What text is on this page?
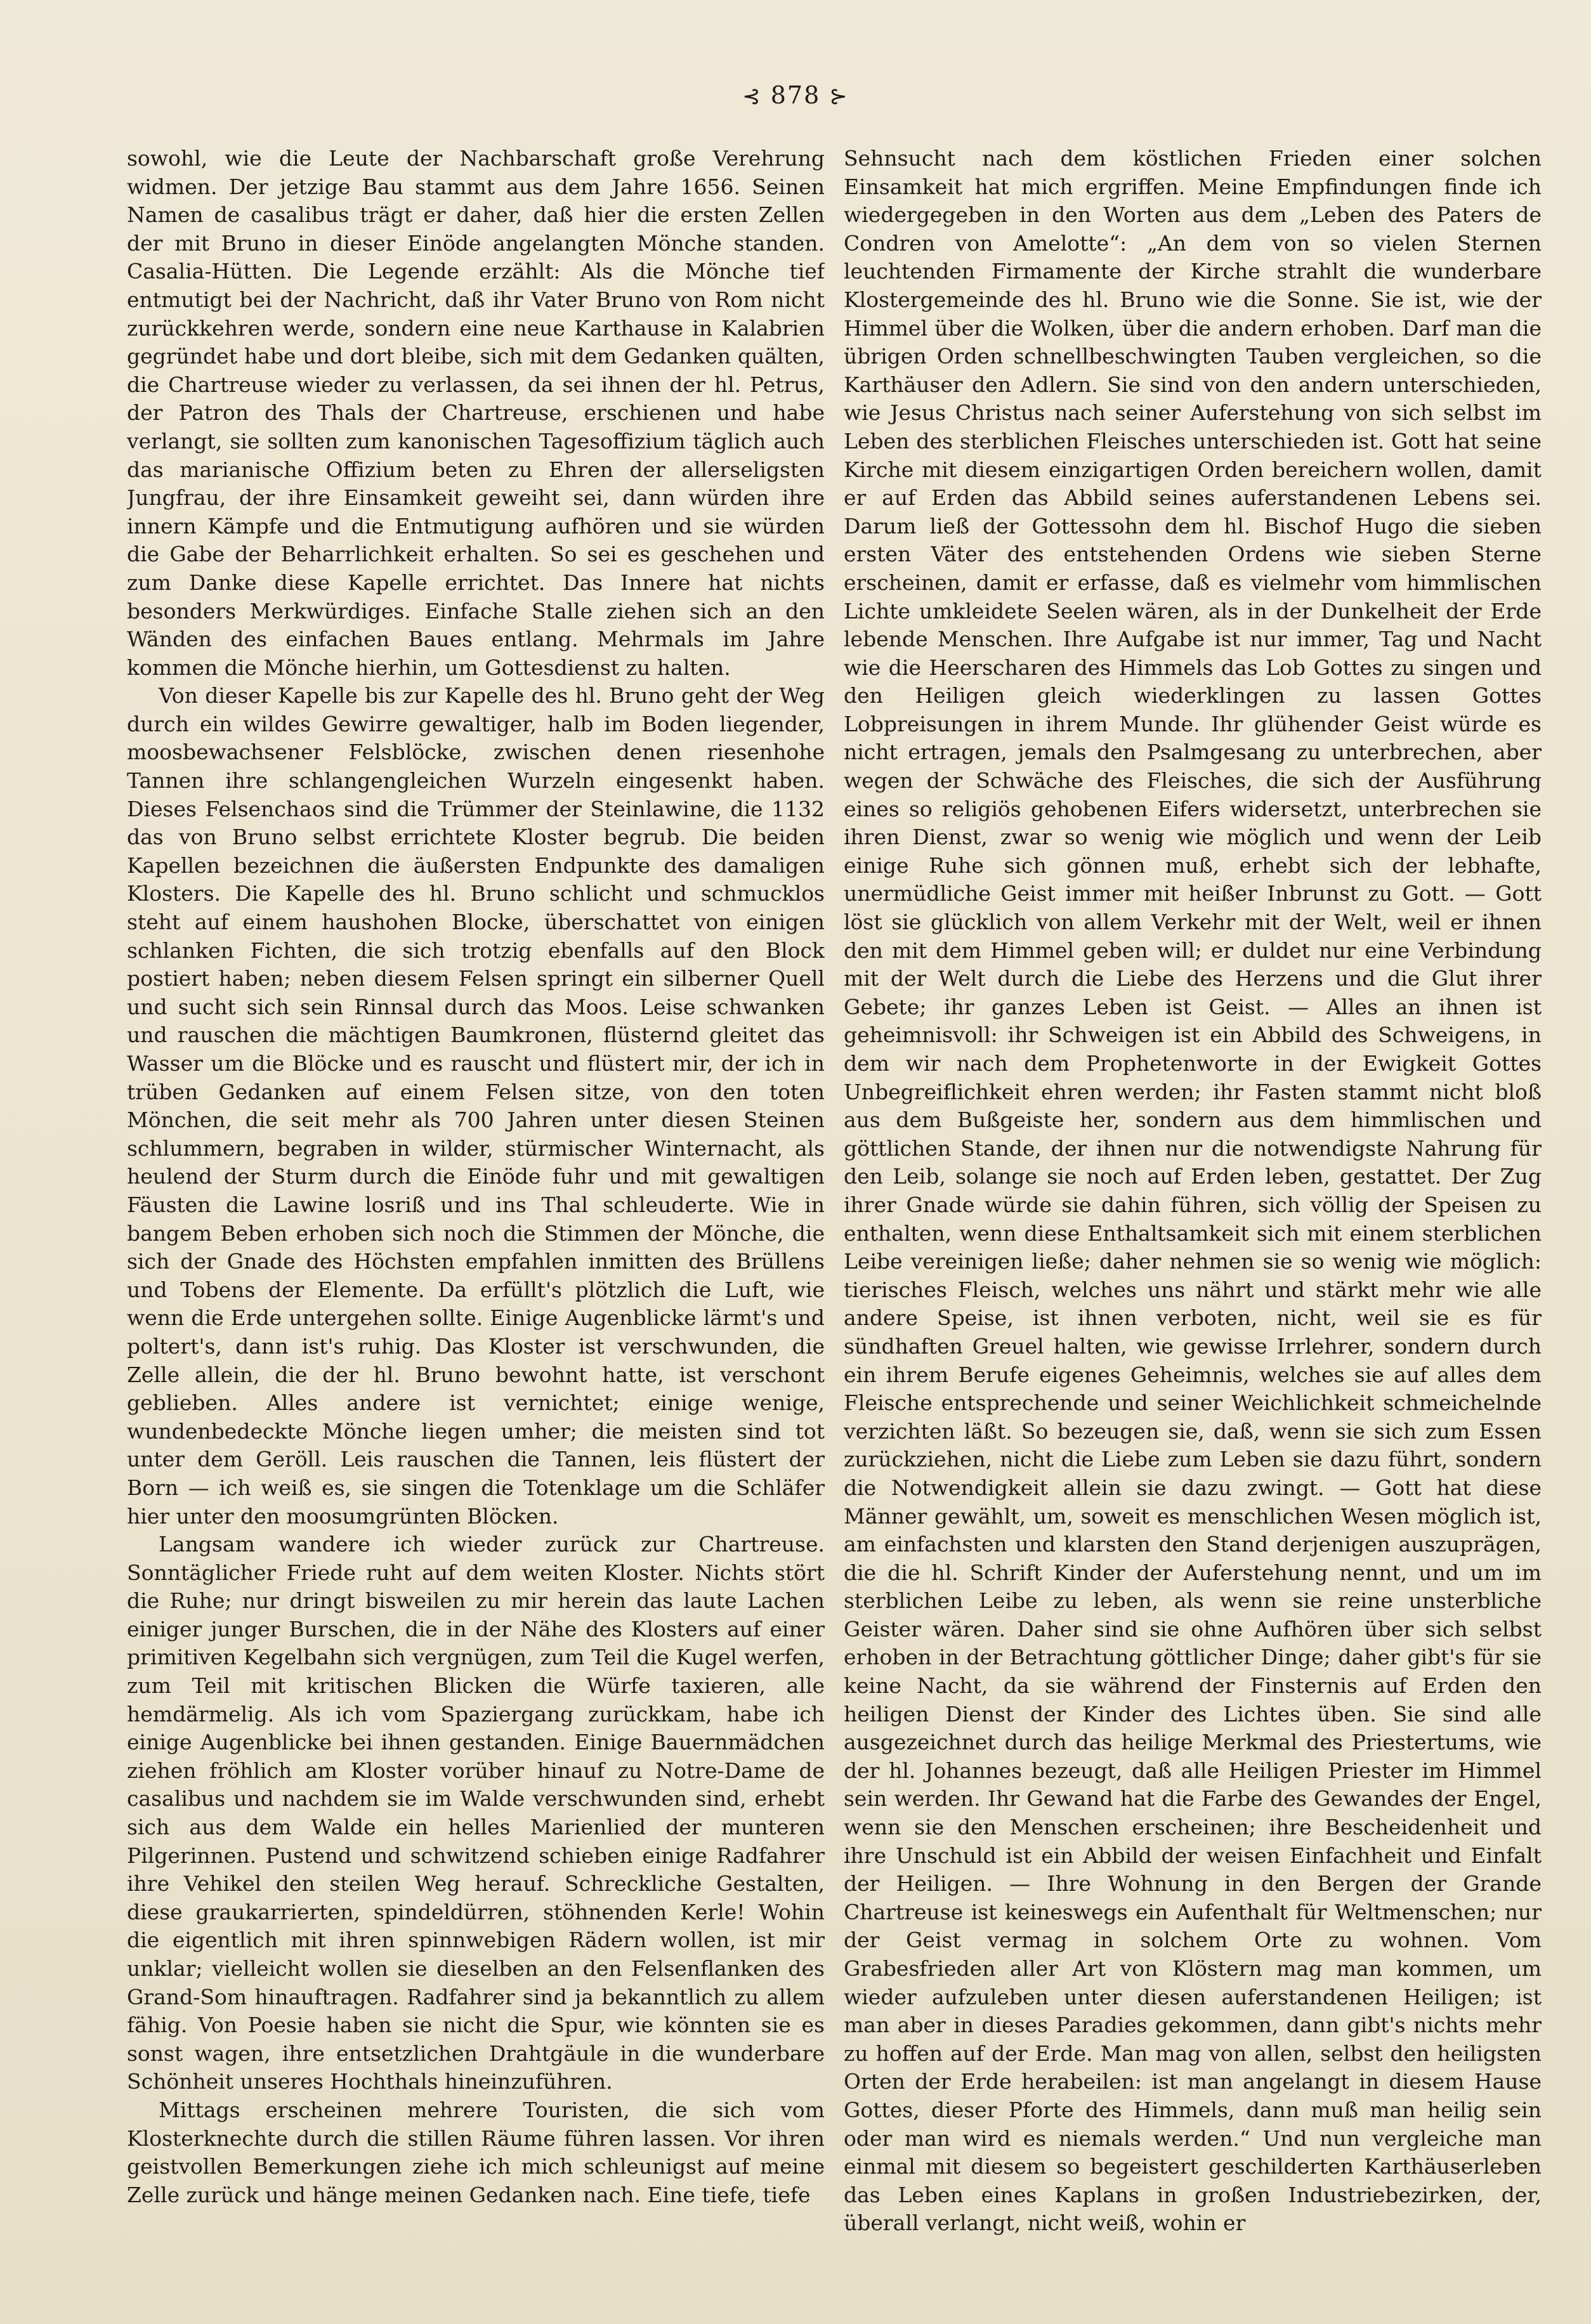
⊰ 878 ⊱

sowohl, wie die Leute der Nachbarschaft große Verehrung widmen. Der jetzige Bau stammt aus dem Jahre 1656. Seinen Namen de casalibus trägt er daher, daß hier die ersten Zellen der mit Bruno in dieser Einöde angelangten Mönche standen. Casalia-Hütten. Die Legende erzählt: Als die Mönche tief entmutigt bei der Nachricht, daß ihr Vater Bruno von Rom nicht zurückkehren werde, sondern eine neue Karthause in Kalabrien gegründet habe und dort bleibe, sich mit dem Gedanken quälten, die Chartreuse wieder zu verlassen, da sei ihnen der hl. Petrus, der Patron des Thals der Chartreuse, erschienen und habe verlangt, sie sollten zum kanonischen Tagesoffizium täglich auch das marianische Offizium beten zu Ehren der allerseligsten Jungfrau, der ihre Einsamkeit geweiht sei, dann würden ihre innern Kämpfe und die Entmutigung aufhören und sie würden die Gabe der Beharrlichkeit erhalten. So sei es geschehen und zum Danke diese Kapelle errichtet. Das Innere hat nichts besonders Merkwürdiges. Einfache Stalle ziehen sich an den Wänden des einfachen Baues entlang. Mehrmals im Jahre kommen die Mönche hierhin, um Gottesdienst zu halten.

Von dieser Kapelle bis zur Kapelle des hl. Bruno geht der Weg durch ein wildes Gewirre gewaltiger, halb im Boden liegender, moosbewachsener Felsblöcke, zwischen denen riesenhohe Tannen ihre schlangengleichen Wurzeln eingesenkt haben. Dieses Felsenchaos sind die Trümmer der Steinlawine, die 1132 das von Bruno selbst errichtete Kloster begrub. Die beiden Kapellen bezeichnen die äußersten Endpunkte des damaligen Klosters. Die Kapelle des hl. Bruno schlicht und schmucklos steht auf einem haushohen Blocke, überschattet von einigen schlanken Fichten, die sich trotzig ebenfalls auf den Block postiert haben; neben diesem Felsen springt ein silberner Quell und sucht sich sein Rinnsal durch das Moos. Leise schwanken und rauschen die mächtigen Baumkronen, flüsternd gleitet das Wasser um die Blöcke und es rauscht und flüstert mir, der ich in trüben Gedanken auf einem Felsen sitze, von den toten Mönchen, die seit mehr als 700 Jahren unter diesen Steinen schlummern, begraben in wilder, stürmischer Winternacht, als heulend der Sturm durch die Einöde fuhr und mit gewaltigen Fäusten die Lawine losriß und ins Thal schleuderte. Wie in bangem Beben erhoben sich noch die Stimmen der Mönche, die sich der Gnade des Höchsten empfahlen inmitten des Brüllens und Tobens der Elemente. Da erfüllt's plötzlich die Luft, wie wenn die Erde untergehen sollte. Einige Augenblicke lärmt's und poltert's, dann ist's ruhig. Das Kloster ist verschwunden, die Zelle allein, die der hl. Bruno bewohnt hatte, ist verschont geblieben. Alles andere ist vernichtet; einige wenige, wundenbedeckte Mönche liegen umher; die meisten sind tot unter dem Geröll. Leis rauschen die Tannen, leis flüstert der Born — ich weiß es, sie singen die Totenklage um die Schläfer hier unter den moosumgrünten Blöcken.

Langsam wandere ich wieder zurück zur Chartreuse. Sonntäglicher Friede ruht auf dem weiten Kloster. Nichts stört die Ruhe; nur dringt bisweilen zu mir herein das laute Lachen einiger junger Burschen, die in der Nähe des Klosters auf einer primitiven Kegelbahn sich vergnügen, zum Teil die Kugel werfen, zum Teil mit kritischen Blicken die Würfe taxieren, alle hemdärmelig. Als ich vom Spaziergang zurückkam, habe ich einige Augenblicke bei ihnen gestanden. Einige Bauernmädchen ziehen fröhlich am Kloster vorüber hinauf zu Notre-Dame de casalibus und nachdem sie im Walde verschwunden sind, erhebt sich aus dem Walde ein helles Marienlied der munteren Pilgerinnen. Pustend und schwitzend schieben einige Radfahrer ihre Vehikel den steilen Weg herauf. Schreckliche Gestalten, diese graukarrierten, spindeldürren, stöhnenden Kerle! Wohin die eigentlich mit ihren spinnwebigen Rädern wollen, ist mir unklar; vielleicht wollen sie dieselben an den Felsenflanken des Grand-Som hinauftragen. Radfahrer sind ja bekanntlich zu allem fähig. Von Poesie haben sie nicht die Spur, wie könnten sie es sonst wagen, ihre entsetzlichen Drahtgäule in die wunderbare Schönheit unseres Hochthals hineinzuführen.

Mittags erscheinen mehrere Touristen, die sich vom Klosterknechte durch die stillen Räume führen lassen. Vor ihren geistvollen Bemerkungen ziehe ich mich schleunigst auf meine Zelle zurück und hänge meinen Gedanken nach. Eine tiefe, tiefe

Sehnsucht nach dem köstlichen Frieden einer solchen Einsamkeit hat mich ergriffen. Meine Empfindungen finde ich wiedergegeben in den Worten aus dem „Leben des Paters de Condren von Amelotte“: „An dem von so vielen Sternen leuchtenden Firmamente der Kirche strahlt die wunderbare Klostergemeinde des hl. Bruno wie die Sonne. Sie ist, wie der Himmel über die Wolken, über die andern erhoben. Darf man die übrigen Orden schnellbeschwingten Tauben vergleichen, so die Karthäuser den Adlern. Sie sind von den andern unterschieden, wie Jesus Christus nach seiner Auferstehung von sich selbst im Leben des sterblichen Fleisches unterschieden ist. Gott hat seine Kirche mit diesem einzigartigen Orden bereichern wollen, damit er auf Erden das Abbild seines auferstandenen Lebens sei. Darum ließ der Gottessohn dem hl. Bischof Hugo die sieben ersten Väter des entstehenden Ordens wie sieben Sterne erscheinen, damit er erfasse, daß es vielmehr vom himmlischen Lichte umkleidete Seelen wären, als in der Dunkelheit der Erde lebende Menschen. Ihre Aufgabe ist nur immer, Tag und Nacht wie die Heerscharen des Himmels das Lob Gottes zu singen und den Heiligen gleich wiederklingen zu lassen Gottes Lobpreisungen in ihrem Munde. Ihr glühender Geist würde es nicht ertragen, jemals den Psalmgesang zu unterbrechen, aber wegen der Schwäche des Fleisches, die sich der Ausführung eines so religiös gehobenen Eifers widersetzt, unterbrechen sie ihren Dienst, zwar so wenig wie möglich und wenn der Leib einige Ruhe sich gönnen muß, erhebt sich der lebhafte, unermüdliche Geist immer mit heißer Inbrunst zu Gott. — Gott löst sie glücklich von allem Verkehr mit der Welt, weil er ihnen den mit dem Himmel geben will; er duldet nur eine Verbindung mit der Welt durch die Liebe des Herzens und die Glut ihrer Gebete; ihr ganzes Leben ist Geist. — Alles an ihnen ist geheimnisvoll: ihr Schweigen ist ein Abbild des Schweigens, in dem wir nach dem Prophetenworte in der Ewigkeit Gottes Unbegreiflichkeit ehren werden; ihr Fasten stammt nicht bloß aus dem Bußgeiste her, sondern aus dem himmlischen und göttlichen Stande, der ihnen nur die notwendigste Nahrung für den Leib, solange sie noch auf Erden leben, gestattet. Der Zug ihrer Gnade würde sie dahin führen, sich völlig der Speisen zu enthalten, wenn diese Enthaltsamkeit sich mit einem sterblichen Leibe vereinigen ließe; daher nehmen sie so wenig wie möglich: tierisches Fleisch, welches uns nährt und stärkt mehr wie alle andere Speise, ist ihnen verboten, nicht, weil sie es für sündhaften Greuel halten, wie gewisse Irrlehrer, sondern durch ein ihrem Berufe eigenes Geheimnis, welches sie auf alles dem Fleische entsprechende und seiner Weichlichkeit schmeichelnde verzichten läßt. So bezeugen sie, daß, wenn sie sich zum Essen zurückziehen, nicht die Liebe zum Leben sie dazu führt, sondern die Notwendigkeit allein sie dazu zwingt. — Gott hat diese Männer gewählt, um, soweit es menschlichen Wesen möglich ist, am einfachsten und klarsten den Stand derjenigen auszuprägen, die die hl. Schrift Kinder der Auferstehung nennt, und um im sterblichen Leibe zu leben, als wenn sie reine unsterbliche Geister wären. Daher sind sie ohne Aufhören über sich selbst erhoben in der Betrachtung göttlicher Dinge; daher gibt's für sie keine Nacht, da sie während der Finsternis auf Erden den heiligen Dienst der Kinder des Lichtes üben. Sie sind alle ausgezeichnet durch das heilige Merkmal des Priestertums, wie der hl. Johannes bezeugt, daß alle Heiligen Priester im Himmel sein werden. Ihr Gewand hat die Farbe des Gewandes der Engel, wenn sie den Menschen erscheinen; ihre Bescheidenheit und ihre Unschuld ist ein Abbild der weisen Einfachheit und Einfalt der Heiligen. — Ihre Wohnung in den Bergen der Grande Chartreuse ist keineswegs ein Aufenthalt für Weltmenschen; nur der Geist vermag in solchem Orte zu wohnen. Vom Grabesfrieden aller Art von Klöstern mag man kommen, um wieder aufzuleben unter diesen auferstandenen Heiligen; ist man aber in dieses Paradies gekommen, dann gibt's nichts mehr zu hoffen auf der Erde. Man mag von allen, selbst den heiligsten Orten der Erde herabeilen: ist man angelangt in diesem Hause Gottes, dieser Pforte des Himmels, dann muß man heilig sein oder man wird es niemals werden.“ Und nun vergleiche man einmal mit diesem so begeistert geschilderten Karthäuserleben das Leben eines Kaplans in großen Industriebezirken, der, überall verlangt, nicht weiß, wohin er
